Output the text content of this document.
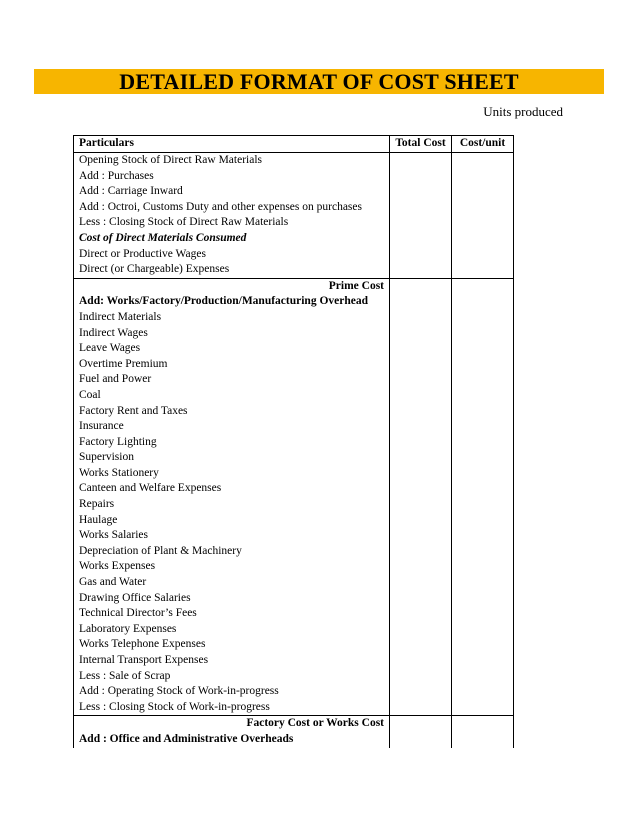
DETAILED FORMAT OF COST SHEET
Units produced
Particulars	Total Cost	Cost/unit
Opening Stock of Direct Raw Materials		
Add : Purchases		
Add : Carriage Inward		
Add : Octroi, Customs Duty and other expenses on purchases		
Less : Closing Stock of Direct Raw Materials		
Cost of Direct Materials Consumed		
Direct or Productive Wages		
Direct (or Chargeable) Expenses		
Prime Cost		
Add: Works/Factory/Production/Manufacturing Overhead		
Indirect Materials		
Indirect Wages		
Leave Wages		
Overtime Premium		
Fuel and Power		
Coal		
Factory Rent and Taxes		
Insurance		
Factory Lighting		
Supervision		
Works Stationery		
Canteen and Welfare Expenses		
Repairs		
Haulage		
Works Salaries		
Depreciation of Plant & Machinery		
Works Expenses		
Gas and Water		
Drawing Office Salaries		
Technical Director’s Fees		
Laboratory Expenses		
Works Telephone Expenses		
Internal Transport Expenses		
Less : Sale of Scrap		
Add : Operating Stock of Work-in-progress		
Less : Closing Stock of Work-in-progress		
Factory Cost or Works Cost		
Add : Office and Administrative Overheads		
